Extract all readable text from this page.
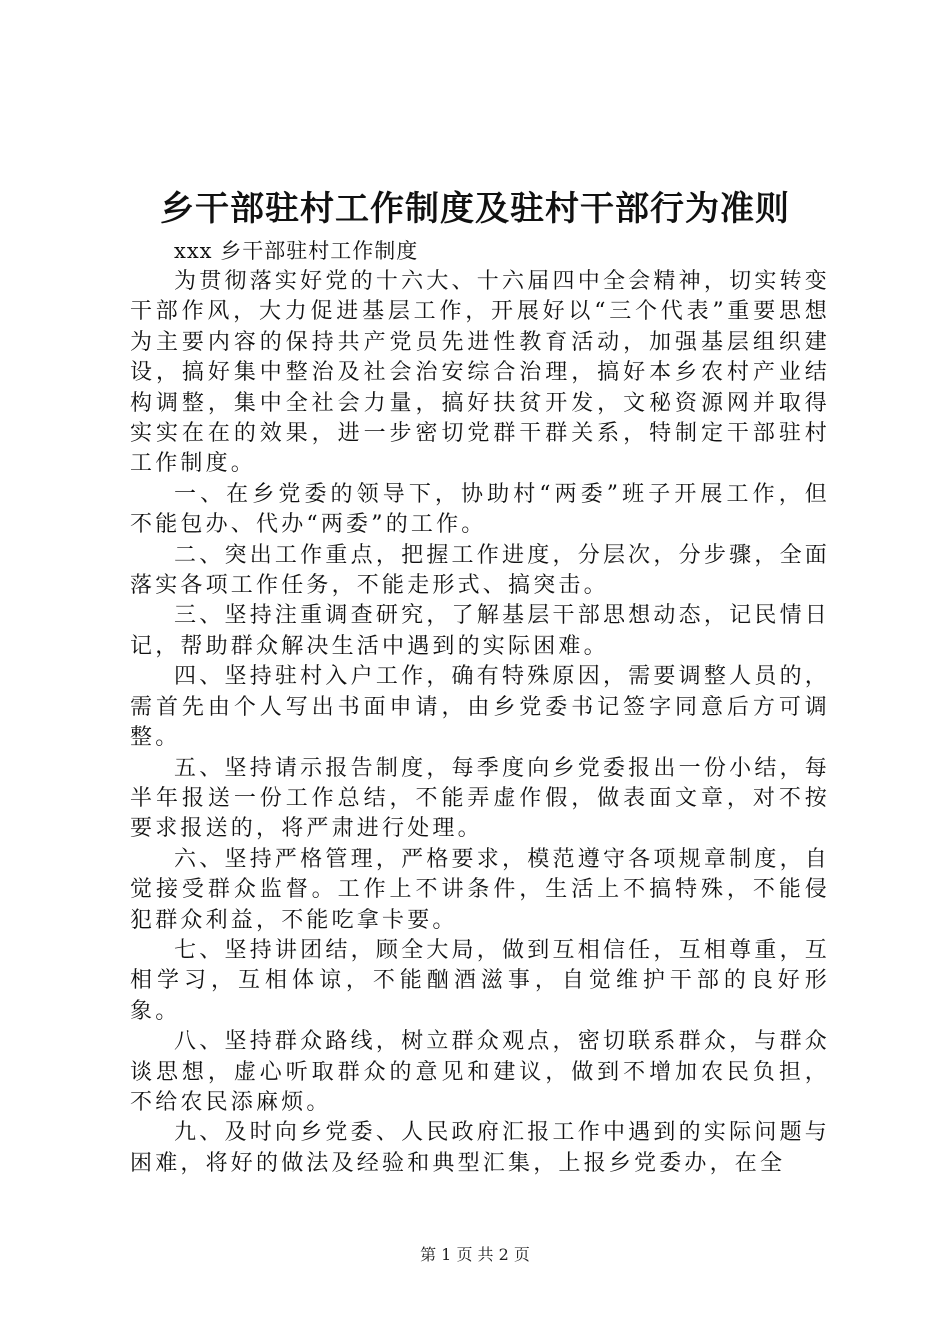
乡干部驻村工作制度及驻村干部行为准则

xxx 乡干部驻村工作制度

为贯彻落实好党的十六大、十六届四中全会精神，切实转变干部作风，大力促进基层工作，开展好以“三个代表”重要思想为主要内容的保持共产党员先进性教育活动，加强基层组织建设，搞好集中整治及社会治安综合治理，搞好本乡农村产业结构调整，集中全社会力量，搞好扶贫开发，文秘资源网并取得实实在在的效果，进一步密切党群干群关系，特制定干部驻村工作制度。

一、在乡党委的领导下，协助村“两委”班子开展工作，但不能包办、代办“两委”的工作。

二、突出工作重点，把握工作进度，分层次，分步骤，全面落实各项工作任务，不能走形式、搞突击。

三、坚持注重调查研究，了解基层干部思想动态，记民情日记，帮助群众解决生活中遇到的实际困难。

四、坚持驻村入户工作，确有特殊原因，需要调整人员的，需首先由个人写出书面申请，由乡党委书记签字同意后方可调整。

五、坚持请示报告制度，每季度向乡党委报出一份小结，每半年报送一份工作总结，不能弄虚作假，做表面文章，对不按要求报送的，将严肃进行处理。

六、坚持严格管理，严格要求，模范遵守各项规章制度，自觉接受群众监督。工作上不讲条件，生活上不搞特殊，不能侵犯群众利益，不能吃拿卡要。

七、坚持讲团结，顾全大局，做到互相信任，互相尊重，互相学习，互相体谅，不能酗酒滋事，自觉维护干部的良好形象。

八、坚持群众路线，树立群众观点，密切联系群众，与群众谈思想，虚心听取群众的意见和建议，做到不增加农民负担，不给农民添麻烦。

九、及时向乡党委、人民政府汇报工作中遇到的实际问题与困难，将好的做法及经验和典型汇集，上报乡党委办，在全

第 1 页 共 2 页
